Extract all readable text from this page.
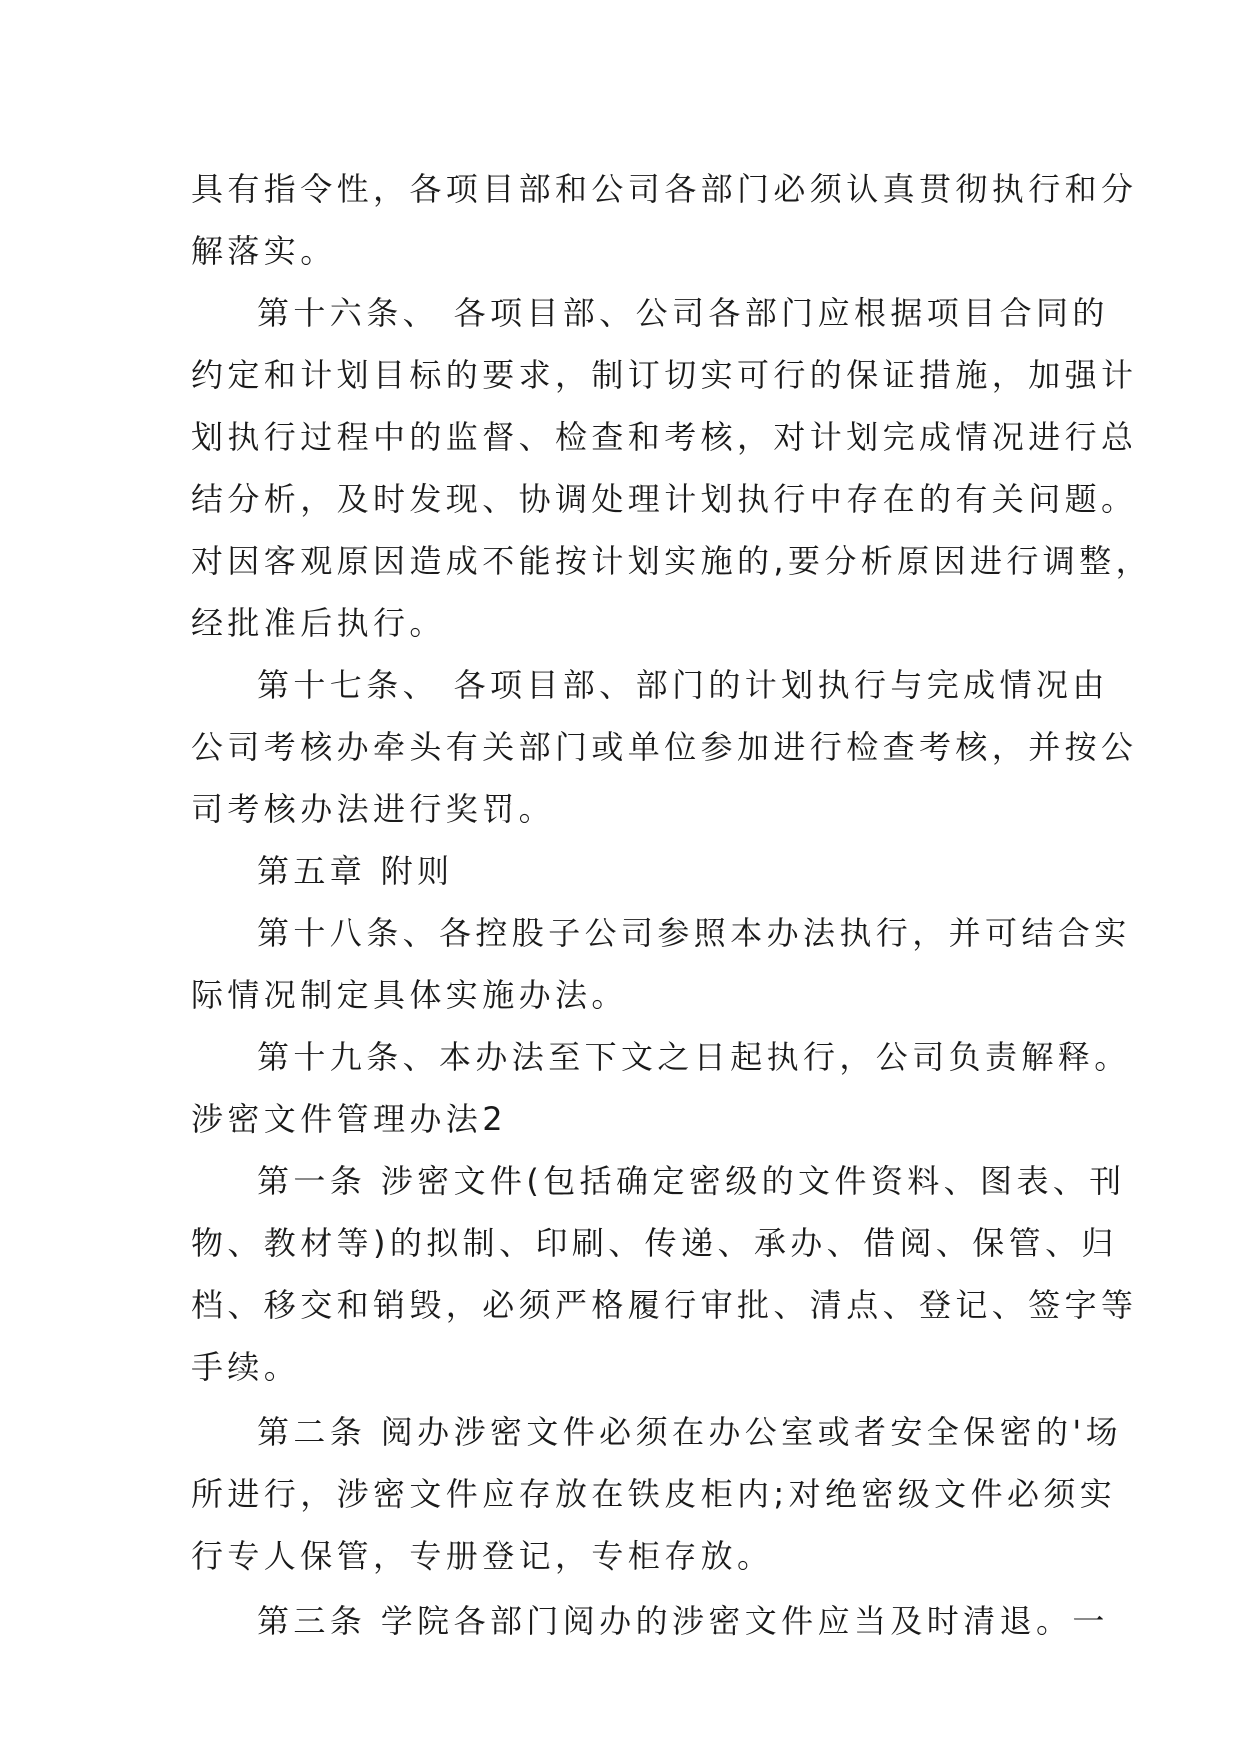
具有指令性，各项目部和公司各部门必须认真贯彻执行和分
解落实。
第十六条、 各项目部、公司各部门应根据项目合同的
约定和计划目标的要求，制订切实可行的保证措施，加强计
划执行过程中的监督、检查和考核，对计划完成情况进行总
结分析，及时发现、协调处理计划执行中存在的有关问题。
对因客观原因造成不能按计划实施的,要分析原因进行调整，
经批准后执行。
第十七条、 各项目部、部门的计划执行与完成情况由
公司考核办牵头有关部门或单位参加进行检查考核，并按公
司考核办法进行奖罚。
第五章 附则
第十八条、各控股子公司参照本办法执行，并可结合实
际情况制定具体实施办法。
第十九条、本办法至下文之日起执行，公司负责解释。
涉密文件管理办法2
第一条 涉密文件(包括确定密级的文件资料、图表、刊
物、教材等)的拟制、印刷、传递、承办、借阅、保管、归
档、移交和销毁，必须严格履行审批、清点、登记、签字等
手续。
第二条 阅办涉密文件必须在办公室或者安全保密的'场
所进行，涉密文件应存放在铁皮柜内;对绝密级文件必须实
行专人保管，专册登记，专柜存放。
第三条 学院各部门阅办的涉密文件应当及时清退。一
